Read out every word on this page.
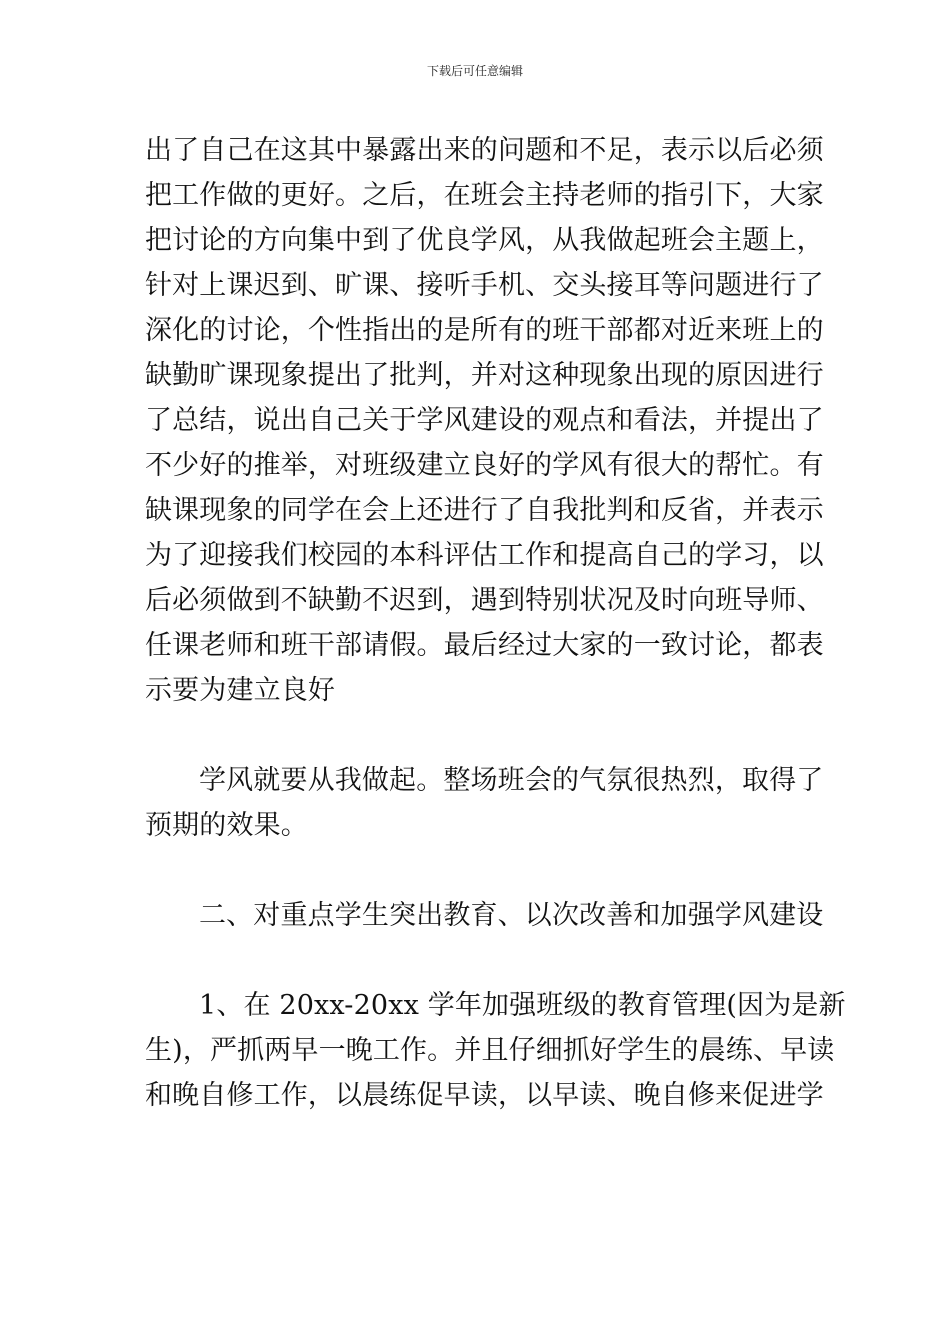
下载后可任意编辑
出了自己在这其中暴露出来的问题和不足，表示以后必须
把工作做的更好。之后，在班会主持老师的指引下，大家
把讨论的方向集中到了优良学风，从我做起班会主题上，
针对上课迟到、旷课、接听手机、交头接耳等问题进行了
深化的讨论，个性指出的是所有的班干部都对近来班上的
缺勤旷课现象提出了批判，并对这种现象出现的原因进行
了总结，说出自己关于学风建设的观点和看法，并提出了
不少好的推举，对班级建立良好的学风有很大的帮忙。有
缺课现象的同学在会上还进行了自我批判和反省，并表示
为了迎接我们校园的本科评估工作和提高自己的学习，以
后必须做到不缺勤不迟到，遇到特别状况及时向班导师、
任课老师和班干部请假。最后经过大家的一致讨论，都表
示要为建立良好
学风就要从我做起。整场班会的气氛很热烈，取得了
预期的效果。
二、对重点学生突出教育、以次改善和加强学风建设
1、在 20xx-20xx 学年加强班级的教育管理(因为是新
生)，严抓两早一晚工作。并且仔细抓好学生的晨练、早读
和晚自修工作，以晨练促早读，以早读、晚自修来促进学
